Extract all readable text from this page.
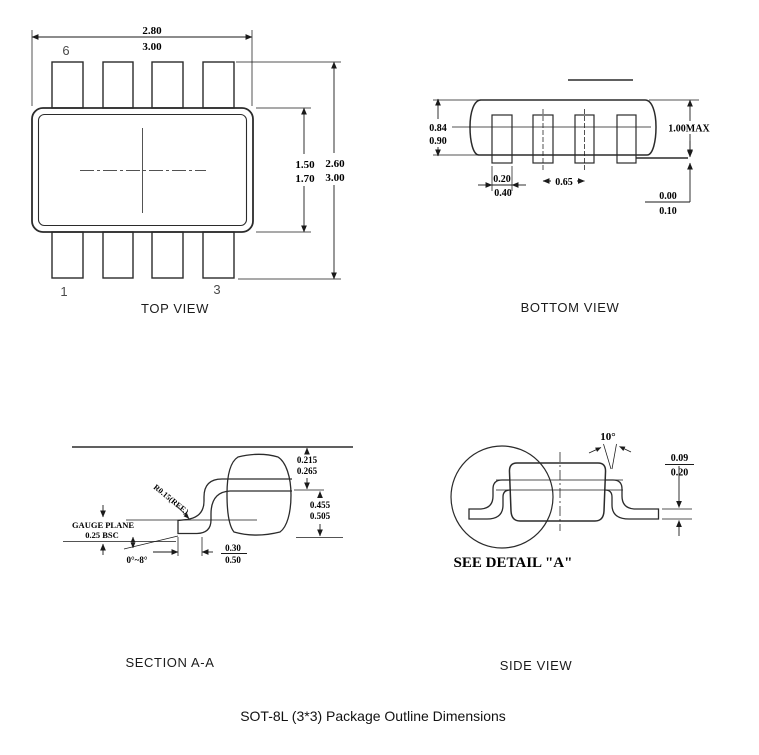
2.80
3.00
1.50
1.70
2.60
3.00
6
1	3
TOP VIEW
0.84
0.90
1.00MAX
0.00
0.10
0.20
0.40
0.65
BOTTOM VIEW
0°~8°
GAUGE PLANE
0.25 BSC
R0.15(REF.)
0.30
0.50
0.215
0.265
0.455
0.505
SECTION A-A
SEE DETAIL "A"
10°
0.09
0.20
SIDE VIEW
SOT-8L (3*3) Package Outline Dimensions
